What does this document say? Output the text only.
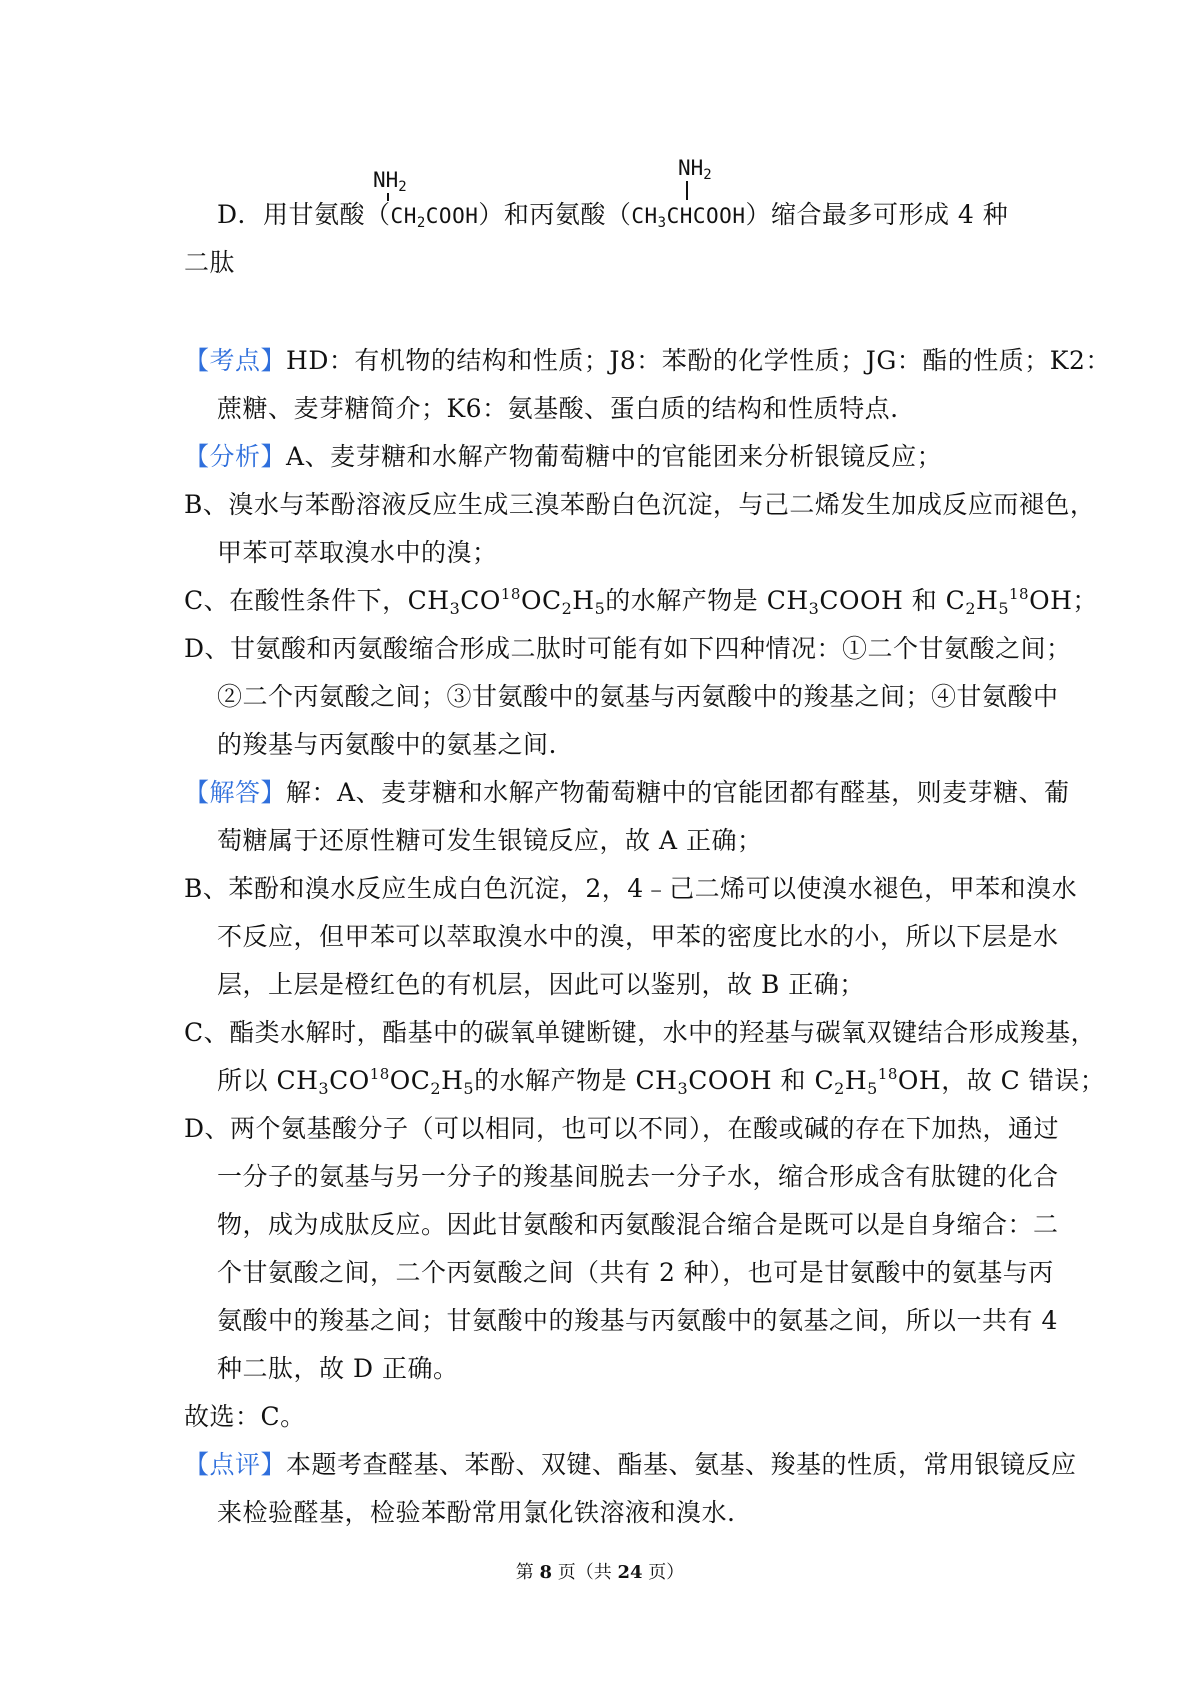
$NH_2$
$NH_2$
D．用甘氨酸$(CH_2COOH)$和丙氨酸$(CH_3CHCOOH)$缩合最多可形成 4 种
二肽
【考点】HD：有机物的结构和性质；J8：苯酚的化学性质；JG：酯的性质；K2：
蔗糖、麦芽糖简介；K6：氨基酸、蛋白质的结构和性质特点.
【分析】A、麦芽糖和水解产物葡萄糖中的官能团来分析银镜反应；
B、溴水与苯酚溶液反应生成三溴苯酚白色沉淀，与己二烯发生加成反应而褪色，
甲苯可萃取溴水中的溴；
C、在酸性条件下，$CH_3CO^{18}OC_2H_5$的水解产物是 $CH_3COOH$ 和 $C_2H_5^{18}OH$；
D、甘氨酸和丙氨酸缩合形成二肽时可能有如下四种情况：①二个甘氨酸之间；
②二个丙氨酸之间；③甘氨酸中的氨基与丙氨酸中的羧基之间；④甘氨酸中
的羧基与丙氨酸中的氨基之间.
【解答】解：A、麦芽糖和水解产物葡萄糖中的官能团都有醛基，则麦芽糖、葡
萄糖属于还原性糖可发生银镜反应，故 A 正确；
B、苯酚和溴水反应生成白色沉淀，2，4﹣己二烯可以使溴水褪色，甲苯和溴水
不反应，但甲苯可以萃取溴水中的溴，甲苯的密度比水的小，所以下层是水
层，上层是橙红色的有机层，因此可以鉴别，故 B 正确；
C、酯类水解时，酯基中的碳氧单键断键，水中的羟基与碳氧双键结合形成羧基，
所以 $CH_3CO^{18}OC_2H_5$的水解产物是 $CH_3COOH$ 和 $C_2H_5^{18}OH$，故 C 错误；
D、两个氨基酸分子（可以相同，也可以不同），在酸或碱的存在下加热，通过
一分子的氨基与另一分子的羧基间脱去一分子水，缩合形成含有肽键的化合
物，成为成肽反应。因此甘氨酸和丙氨酸混合缩合是既可以是自身缩合：二
个甘氨酸之间，二个丙氨酸之间（共有 2 种），也可是甘氨酸中的氨基与丙
氨酸中的羧基之间；甘氨酸中的羧基与丙氨酸中的氨基之间，所以一共有 4
种二肽，故 D 正确。
故选：C。
【点评】本题考查醛基、苯酚、双键、酯基、氨基、羧基的性质，常用银镜反应
来检验醛基，检验苯酚常用氯化铁溶液和溴水.
第 8 页（共 24 页）
